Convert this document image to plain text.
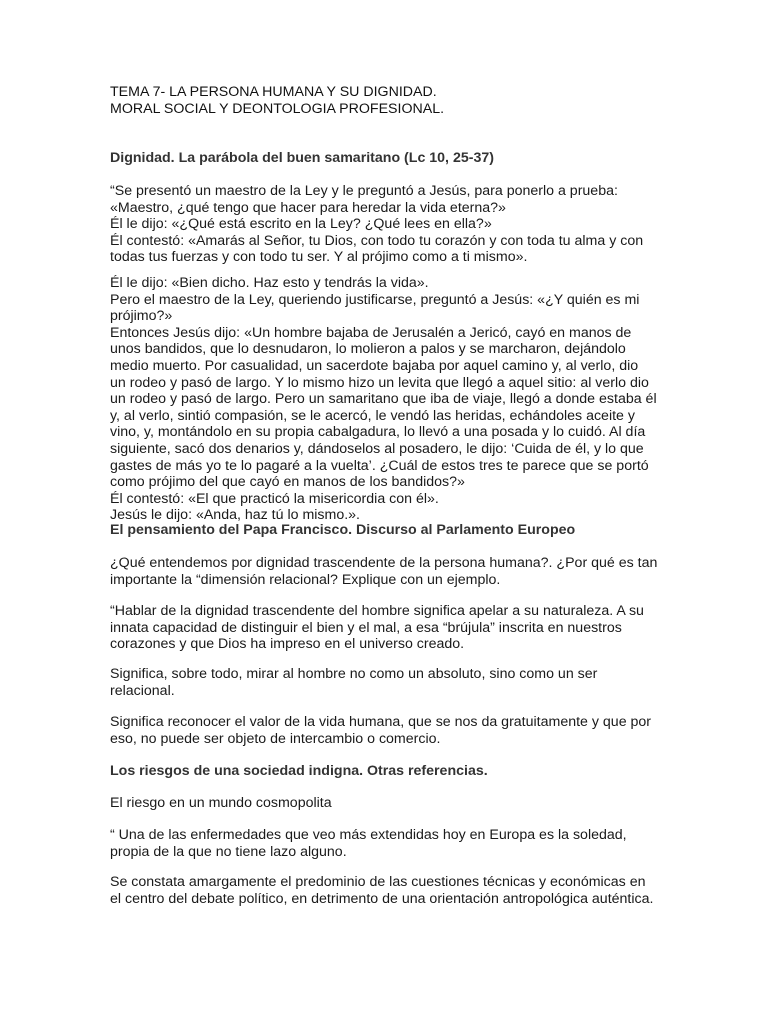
TEMA 7- LA PERSONA HUMANA Y SU DIGNIDAD.
MORAL SOCIAL Y DEONTOLOGIA PROFESIONAL.
Dignidad. La parábola del buen samaritano (Lc 10, 25-37)
“Se presentó un maestro de la Ley y le preguntó a Jesús, para ponerlo a prueba:
«Maestro, ¿qué tengo que hacer para heredar la vida eterna?»
Él le dijo: «¿Qué está escrito en la Ley? ¿Qué lees en ella?»
Él contestó: «Amarás al Señor, tu Dios, con todo tu corazón y con toda tu alma y con
todas tus fuerzas y con todo tu ser. Y al prójimo como a ti mismo».
Él le dijo: «Bien dicho. Haz esto y tendrás la vida».
Pero el maestro de la Ley, queriendo justificarse, preguntó a Jesús: «¿Y quién es mi
prójimo?»
Entonces Jesús dijo: «Un hombre bajaba de Jerusalén a Jericó, cayó en manos de
unos bandidos, que lo desnudaron, lo molieron a palos y se marcharon, dejándolo
medio muerto. Por casualidad, un sacerdote bajaba por aquel camino y, al verlo, dio
un rodeo y pasó de largo. Y lo mismo hizo un levita que llegó a aquel sitio: al verlo dio
un rodeo y pasó de largo. Pero un samaritano que iba de viaje, llegó a donde estaba él
y, al verlo, sintió compasión, se le acercó, le vendó las heridas, echándoles aceite y
vino, y, montándolo en su propia cabalgadura, lo llevó a una posada y lo cuidó. Al día
siguiente, sacó dos denarios y, dándoselos al posadero, le dijo: ‘Cuida de él, y lo que
gastes de más yo te lo pagaré a la vuelta’. ¿Cuál de estos tres te parece que se portó
como prójimo del que cayó en manos de los bandidos?»
Él contestó: «El que practicó la misericordia con él».
Jesús le dijo: «Anda, haz tú lo mismo.».
El pensamiento del Papa Francisco. Discurso al Parlamento Europeo
¿Qué entendemos por dignidad trascendente de la persona humana?. ¿Por qué es tan
importante la “dimensión relacional? Explique con un ejemplo.
“Hablar de la dignidad trascendente del hombre significa apelar a su naturaleza. A su
innata capacidad de distinguir el bien y el mal, a esa “brújula” inscrita en nuestros
corazones y que Dios ha impreso en el universo creado.
Significa, sobre todo, mirar al hombre no como un absoluto, sino como un ser
relacional.
Significa reconocer el valor de la vida humana, que se nos da gratuitamente y que por
eso, no puede ser objeto de intercambio o comercio.
Los riesgos de una sociedad indigna. Otras referencias.
El riesgo en un mundo cosmopolita
“ Una de las enfermedades que veo más extendidas hoy en Europa es la soledad,
propia de la que no tiene lazo alguno.
Se constata amargamente el predominio de las cuestiones técnicas y económicas en
el centro del debate político, en detrimento de una orientación antropológica auténtica.
